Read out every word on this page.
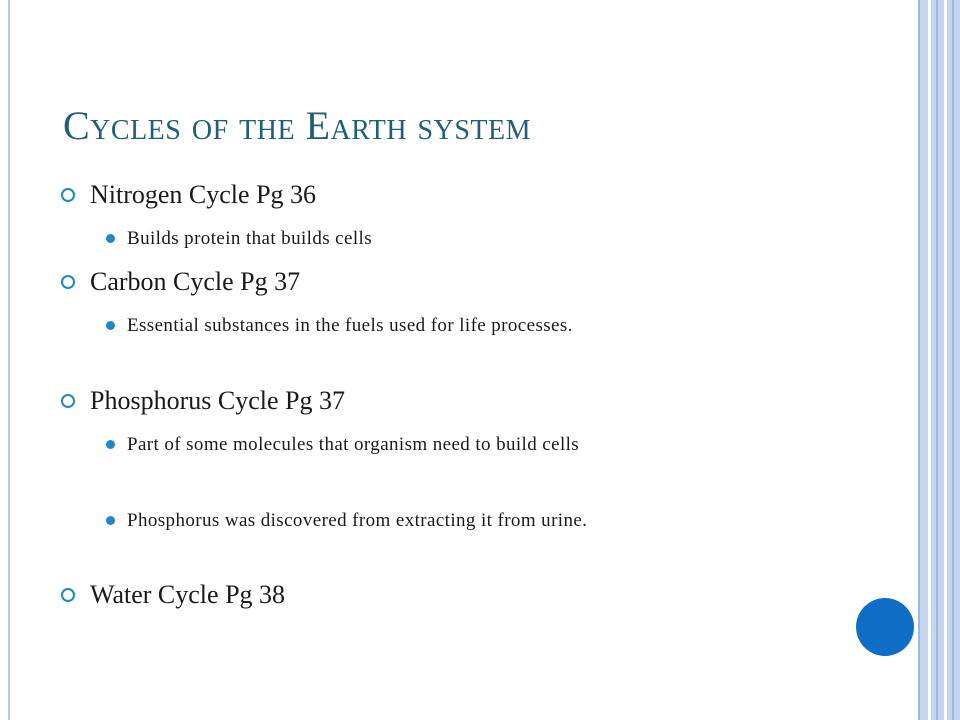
Cycles of the Earth system
Nitrogen Cycle Pg 36
Builds protein that builds cells
Carbon Cycle Pg 37
Essential substances in the fuels used for life processes.
Phosphorus Cycle Pg 37
Part of some molecules that organism need to build cells
Phosphorus was discovered from extracting it from urine.
Water Cycle Pg 38
